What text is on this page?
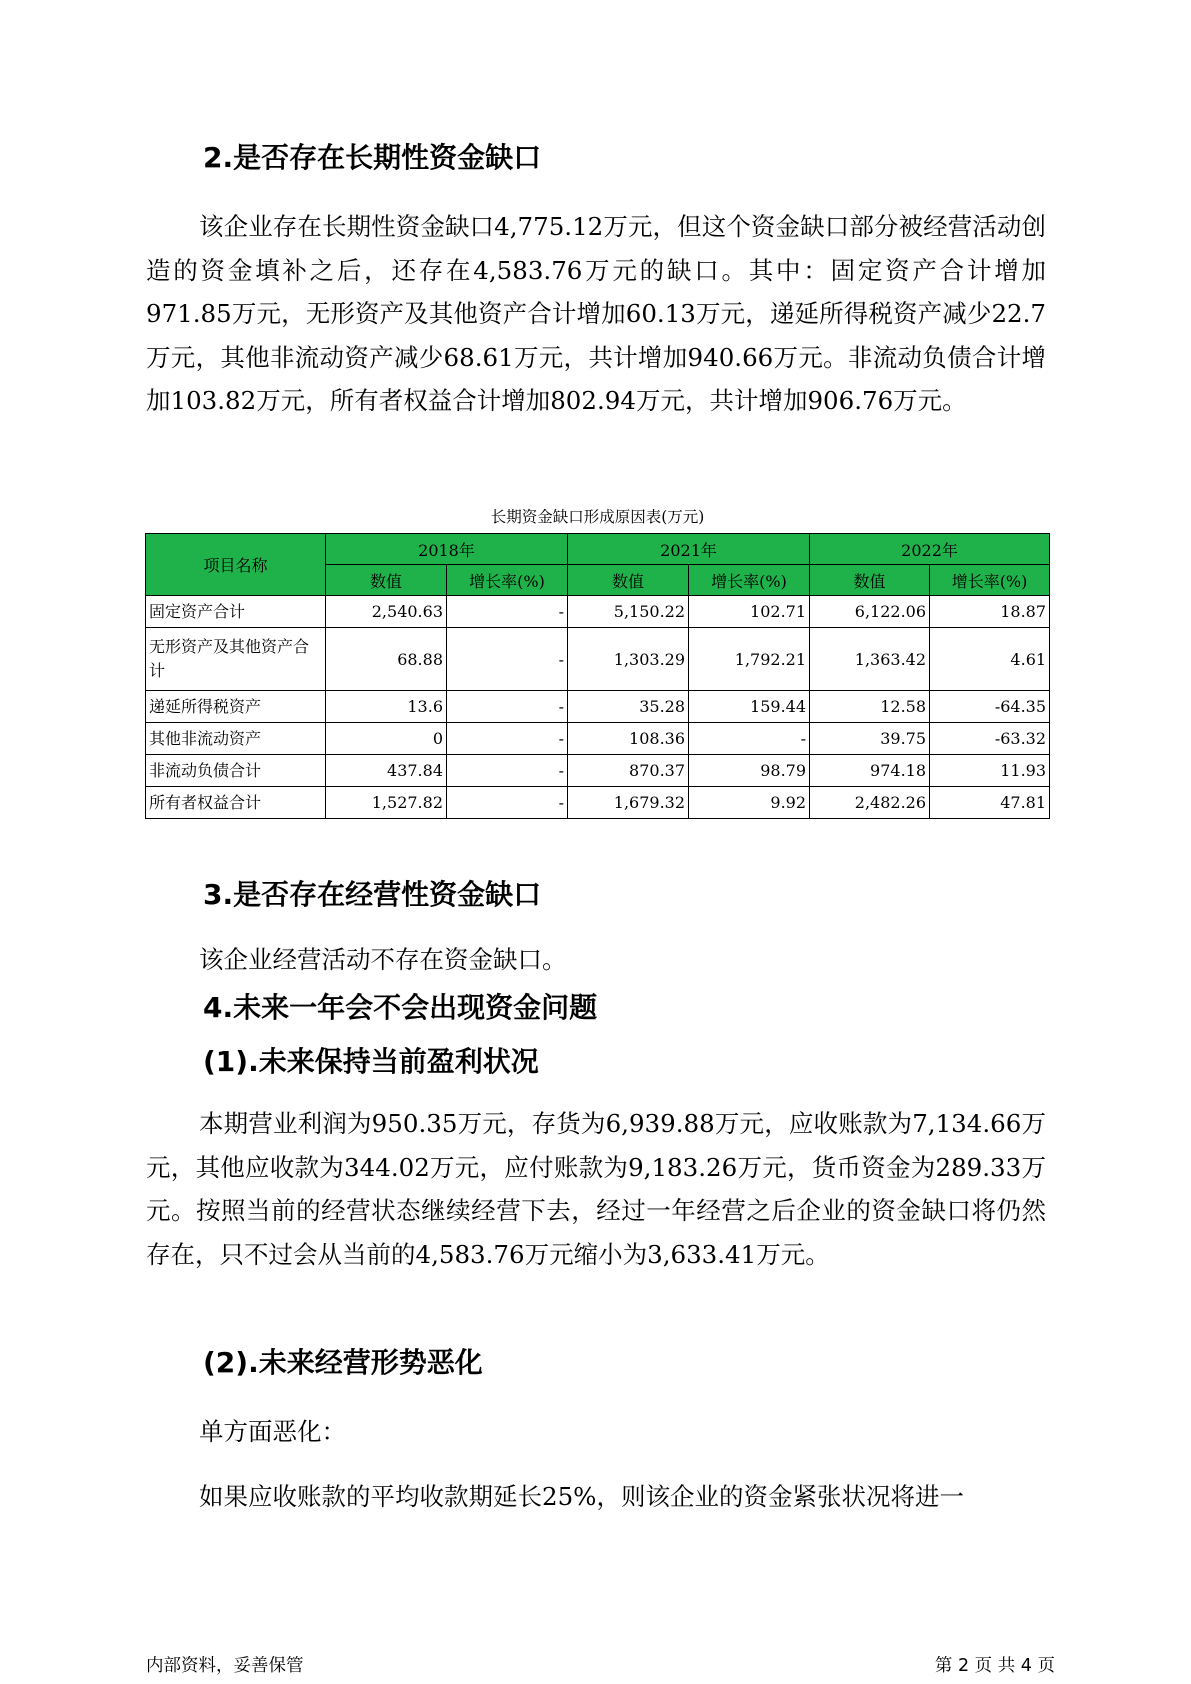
2.是否存在长期性资金缺口

该企业存在长期性资金缺口4,775.12万元，但这个资金缺口部分被经营活动创造的资金填补之后，还存在4,583.76万元的缺口。其中：固定资产合计增加971.85万元，无形资产及其他资产合计增加60.13万元，递延所得税资产减少22.7万元，其他非流动资产减少68.61万元，共计增加940.66万元。非流动负债合计增加103.82万元，所有者权益合计增加802.94万元，共计增加906.76万元。

长期资金缺口形成原因表(万元)
项目名称	2018年		2021年		2022年	
	数值	增长率(%)	数值	增长率(%)	数值	增长率(%)
固定资产合计	2,540.63	-	5,150.22	102.71	6,122.06	18.87
无形资产及其他资产合计	68.88	-	1,303.29	1,792.21	1,363.42	4.61
递延所得税资产	13.6	-	35.28	159.44	12.58	-64.35
其他非流动资产	0	-	108.36	-	39.75	-63.32
非流动负债合计	437.84	-	870.37	98.79	974.18	11.93
所有者权益合计	1,527.82	-	1,679.32	9.92	2,482.26	47.81
3.是否存在经营性资金缺口

该企业经营活动不存在资金缺口。

4.未来一年会不会出现资金问题
(1).未来保持当前盈利状况

本期营业利润为950.35万元，存货为6,939.88万元，应收账款为7,134.66万元，其他应收款为344.02万元，应付账款为9,183.26万元，货币资金为289.33万元。按照当前的经营状态继续经营下去，经过一年经营之后企业的资金缺口将仍然存在，只不过会从当前的4,583.76万元缩小为3,633.41万元。

(2).未来经营形势恶化

单方面恶化：

如果应收账款的平均收款期延长25%，则该企业的资金紧张状况将进一

内部资料，妥善保管	第 2 页 共 4 页
